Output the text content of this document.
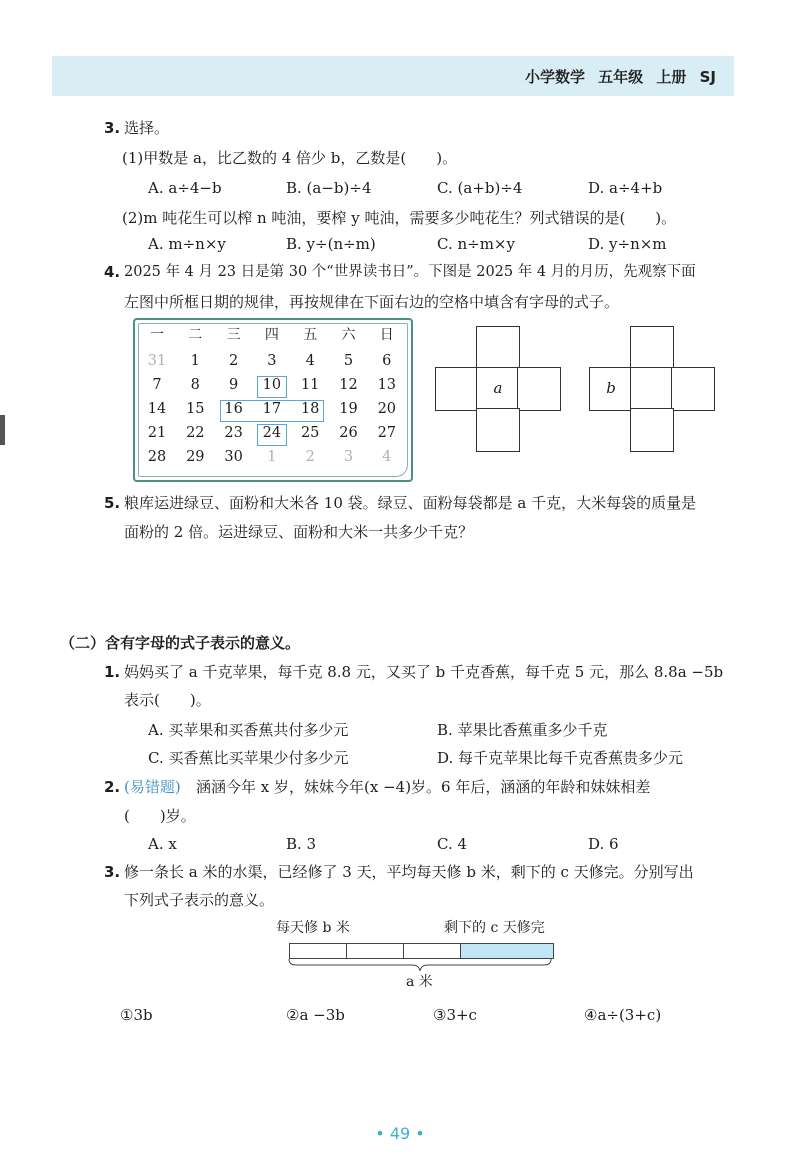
小学数学 五年级 上册 SJ
3. 选择。
(1)甲数是 a，比乙数的 4 倍少 b，乙数是(　　)。
A. a÷4−b	B. (a−b)÷4	C. (a+b)÷4	D. a÷4+b
(2)m 吨花生可以榨 n 吨油，要榨 y 吨油，需要多少吨花生？列式错误的是(　　)。
A. m÷n×y	B. y÷(n÷m)	C. n÷m×y	D. y÷n×m
4. 2025 年 4 月 23 日是第 30 个“世界读书日”。下图是 2025 年 4 月的月历，先观察下面
左图中所框日期的规律，再按规律在下面右边的空格中填含有字母的式子。
一	二	三	四	五	六	日
31	1	2	3	4	5	6
7	8	9	10	11	12	13
14	15	16	17	18	19	20
21	22	23	24	25	26	27
28	29	30	1	2	3	4
a	b
5. 粮库运进绿豆、面粉和大米各 10 袋。绿豆、面粉每袋都是 a 千克，大米每袋的质量是
面粉的 2 倍。运进绿豆、面粉和大米一共多少千克？
（二）含有字母的式子表示的意义。
1. 妈妈买了 a 千克苹果，每千克 8.8 元，又买了 b 千克香蕉，每千克 5 元，那么 8.8a −5b
表示(　　)。
A. 买苹果和买香蕉共付多少元	B. 苹果比香蕉重多少千克
C. 买香蕉比买苹果少付多少元	D. 每千克苹果比每千克香蕉贵多少元
2. (易错题) 涵涵今年 x 岁，妹妹今年(x −4)岁。6 年后，涵涵的年龄和妹妹相差
(　　)岁。
A. x	B. 3	C. 4	D. 6
3. 修一条长 a 米的水渠，已经修了 3 天，平均每天修 b 米，剩下的 c 天修完。分别写出
下列式子表示的意义。
每天修 b 米	剩下的 c 天修完
a 米
①3b	②a −3b	③3+c	④a÷(3+c)
• 49 •
